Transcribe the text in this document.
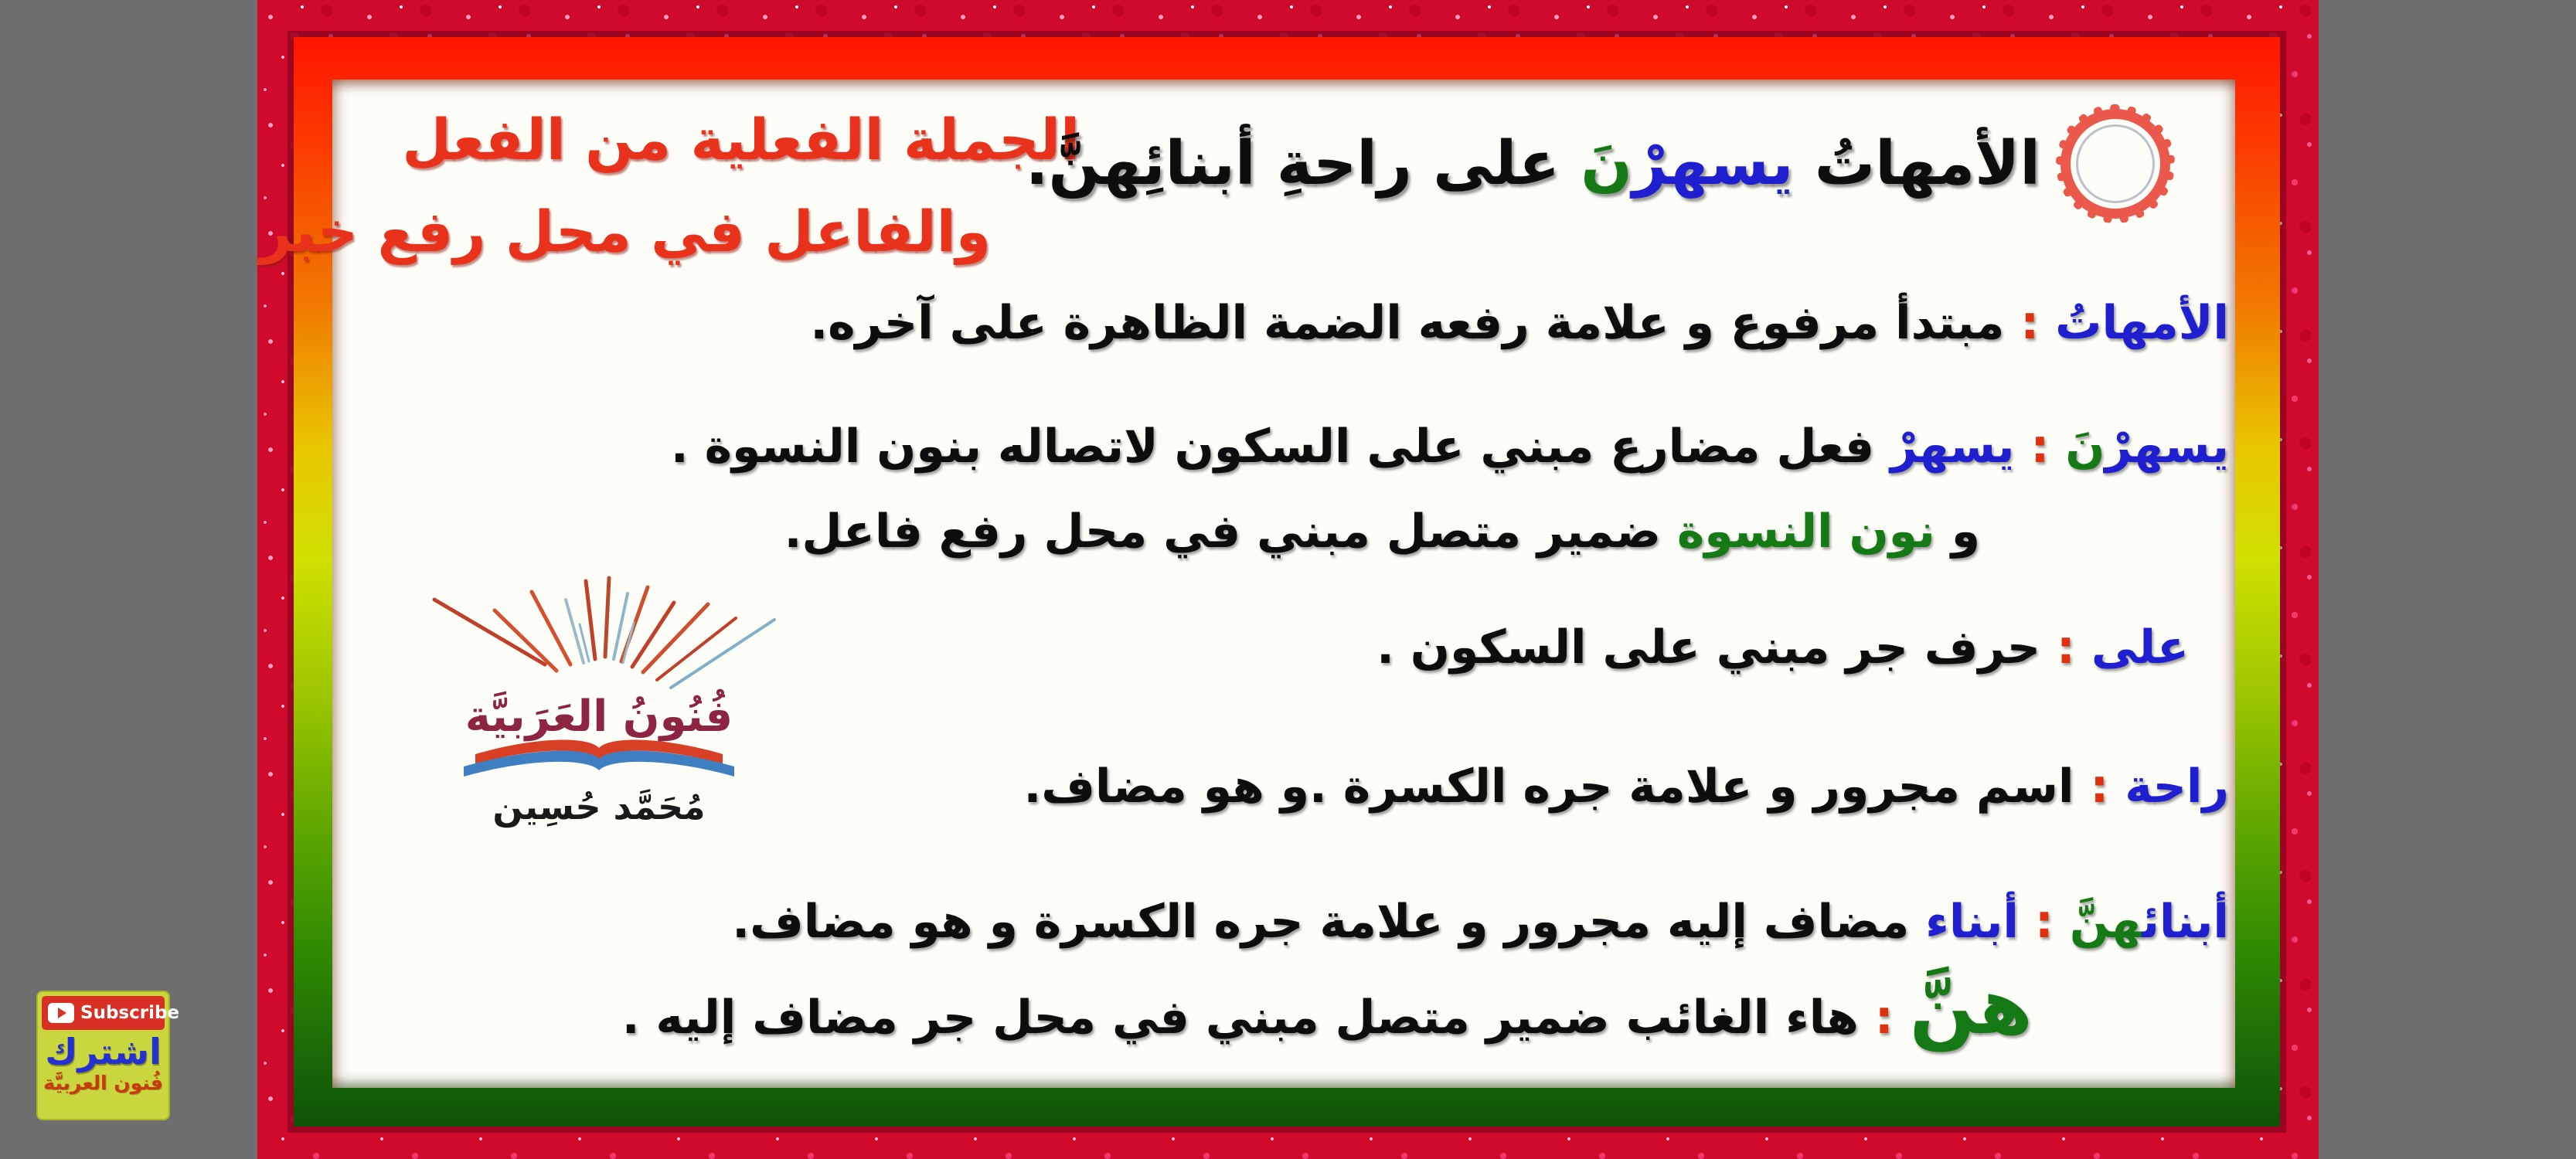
الجملة الفعلية من الفعل
والفاعل في محل رفع خبر
الأمهاتُ يسهرْنَ على راحةِ أبنائِهنَّ.
الأمهاتُ : مبتدأ مرفوع و علامة رفعه الضمة الظاهرة على آخره.
يسهرْنَ : يسهرْ فعل مضارع مبني على السكون لاتصاله بنون النسوة .
و نون النسوة ضمير متصل مبني في محل رفع فاعل.
على : حرف جر مبني على السكون .
راحة : اسم مجرور و علامة جره الكسرة .و هو مضاف.
أبنائهنَّ : أبناء مضاف إليه مجرور و علامة جره الكسرة و هو مضاف.
هنَّ : هاء الغائب ضمير متصل مبني في محل جر مضاف إليه .
فُنُونُ العَرَبيَّة
مُحَمَّد حُسِين
Subscribe
اشترك
فُنون العربيَّة
